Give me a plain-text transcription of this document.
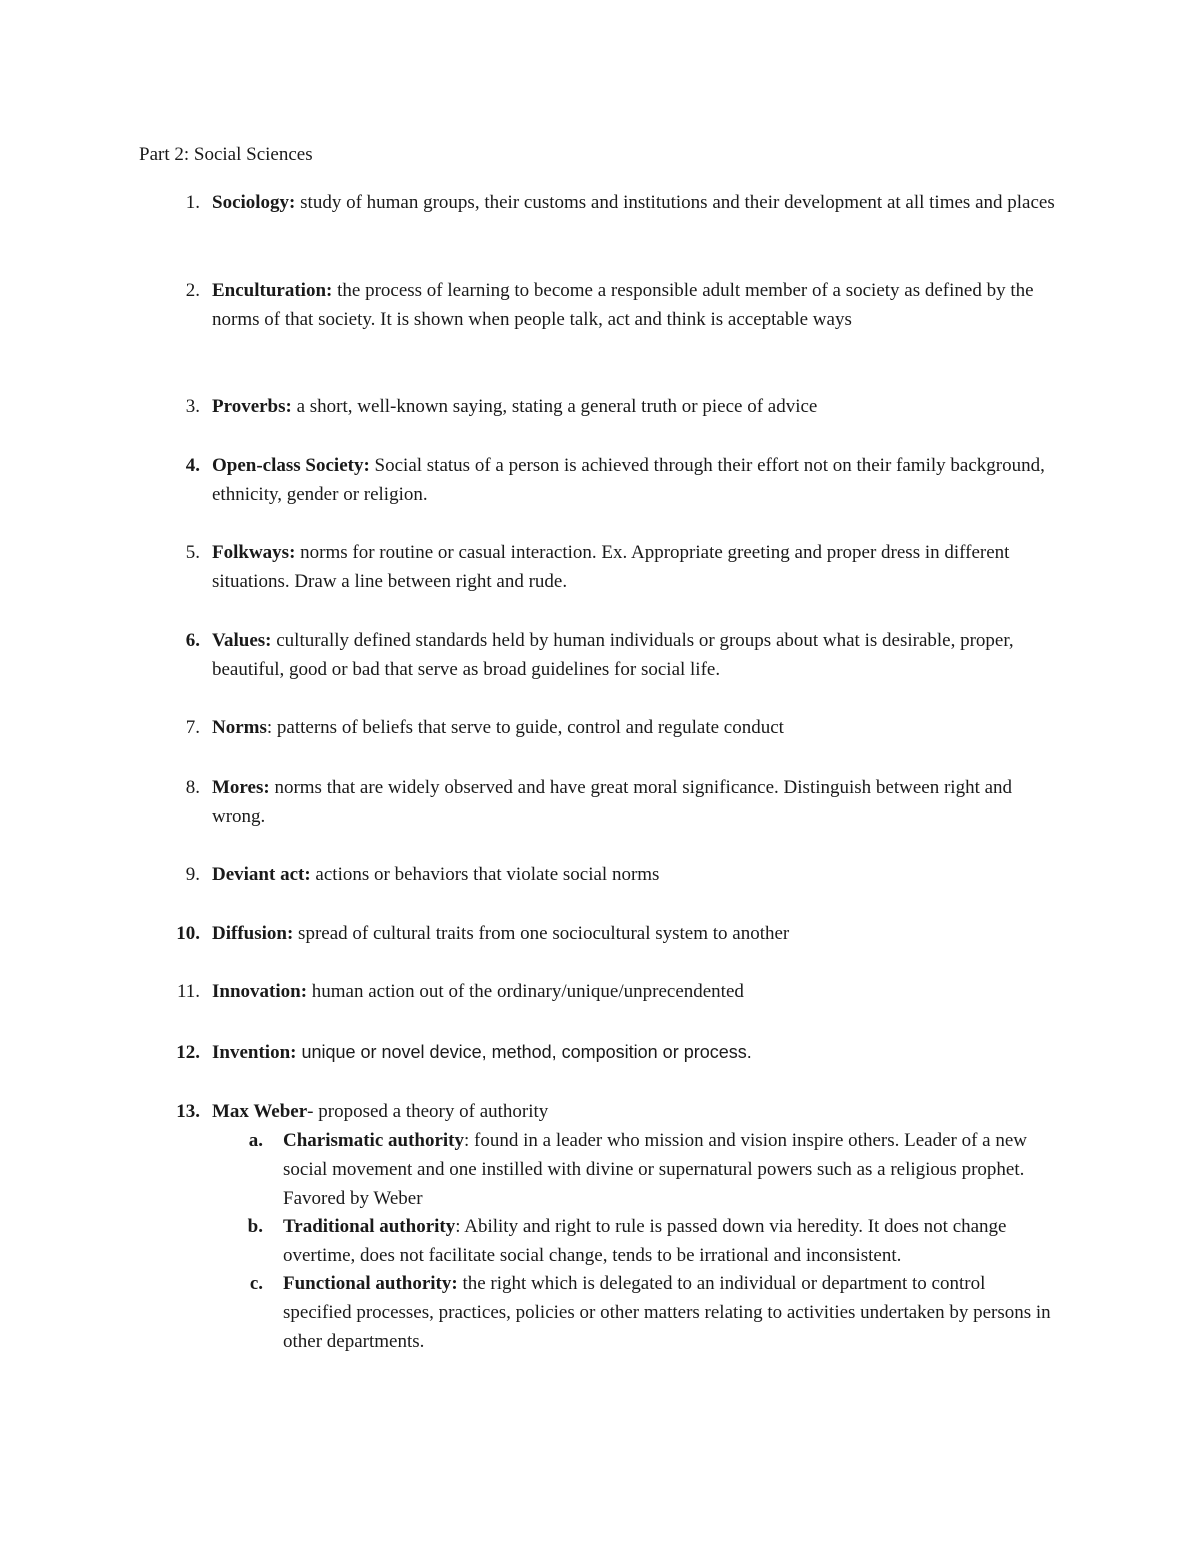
Part 2: Social Sciences
1. Sociology: study of human groups, their customs and institutions and their development at all times and places
2. Enculturation: the process of learning to become a responsible adult member of a society as defined by the norms of that society. It is shown when people talk, act and think is acceptable ways
3. Proverbs: a short, well-known saying, stating a general truth or piece of advice
4. Open-class Society: Social status of a person is achieved through their effort not on their family background, ethnicity, gender or religion.
5. Folkways: norms for routine or casual interaction. Ex. Appropriate greeting and proper dress in different situations. Draw a line between right and rude.
6. Values: culturally defined standards held by human individuals or groups about what is desirable, proper, beautiful, good or bad that serve as broad guidelines for social life.
7. Norms: patterns of beliefs that serve to guide, control and regulate conduct
8. Mores: norms that are widely observed and have great moral significance. Distinguish between right and wrong.
9. Deviant act: actions or behaviors that violate social norms
10. Diffusion: spread of cultural traits from one sociocultural system to another
11. Innovation: human action out of the ordinary/unique/unprecendented
12. Invention: unique or novel device, method, composition or process.
13. Max Weber- proposed a theory of authority
a. Charismatic authority: found in a leader who mission and vision inspire others. Leader of a new social movement and one instilled with divine or supernatural powers such as a religious prophet. Favored by Weber
b. Traditional authority: Ability and right to rule is passed down via heredity. It does not change overtime, does not facilitate social change, tends to be irrational and inconsistent.
c. Functional authority: the right which is delegated to an individual or department to control specified processes, practices, policies or other matters relating to activities undertaken by persons in other departments.
